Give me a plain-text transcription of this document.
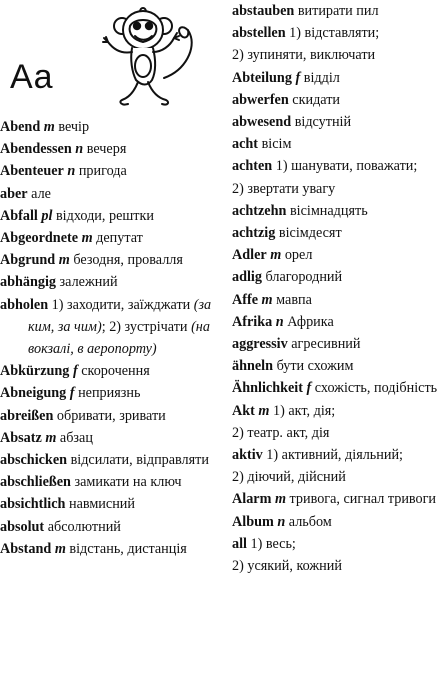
Aa
Abend m вечір
Abendessen n вечеря
Abenteuer n пригода
aber але
Abfall pl відходи, рештки
Abgeordnete m депутат
Abgrund m безодня, провалля
abhängig залежний
abholen 1) заходити, заїжджати (за ким, за чим); 2) зустрічати (на вокзалі, в аеропорту)
Abkürzung f скорочення
Abneigung f неприязнь
abreißen обривати, зривати
Absatz m абзац
abschicken відсилати, відправляти
abschließen замикати на ключ
absichtlich навмисний
absolut абсолютний
Abstand m відстань, дистанція
abstauben витирати пил
abstellen 1) відставляти;
2) зупиняти, виключати
Abteilung f відділ
abwerfen скидати
abwesend відсутній
acht вісім
achten 1) шанувати, поважати;
2) звертати увагу
achtzehn вісімнадцять
achtzig вісімдесят
Adler m орел
adlig благородний
Affe m мавпа
Afrika n Африка
aggressiv агресивний
ähneln бути схожим
Ähnlichkeit f схожість, подібність
Akt m 1) акт, дія;
2) театр. акт, дія
aktiv 1) активний, діяльний;
2) діючий, дійсний
Alarm m тривога, сигнал тривоги
Album n альбом
all 1) весь;
2) усякий, кожний
